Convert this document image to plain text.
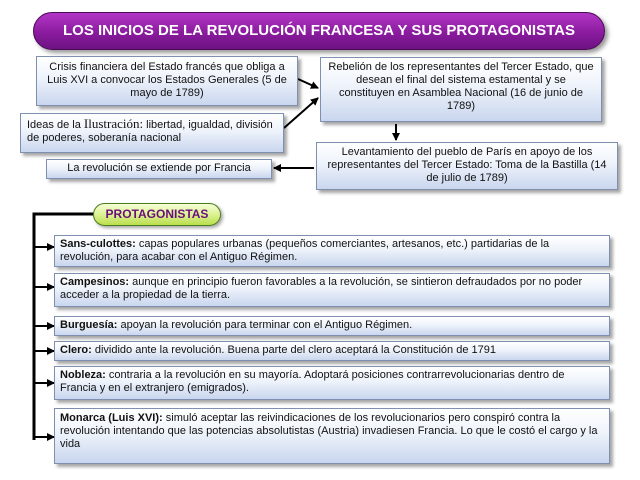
LOS INICIOS DE LA REVOLUCIÓN FRANCESA Y SUS PROTAGONISTAS
Crisis financiera del Estado francés que obliga a Luis XVI a convocar los Estados Generales (5 de mayo de 1789)
Ideas de la Ilustración: libertad, igualdad, división de poderes, soberanía nacional
Rebelión de los representantes del Tercer Estado, que desean el final del sistema estamental y se constituyen en Asamblea Nacional (16 de junio de 1789)
Levantamiento del pueblo de París en apoyo de los representantes del Tercer Estado: Toma de la Bastilla (14 de julio de 1789)
La revolución se extiende por Francia
PROTAGONISTAS
Sans-culottes: capas populares urbanas (pequeños comerciantes, artesanos, etc.) partidarias de la revolución, para acabar con el Antiguo Régimen.
Campesinos: aunque en principio fueron favorables a la revolución, se sintieron defraudados por no poder acceder a la propiedad de la tierra.
Burguesía: apoyan la revolución para terminar con el Antiguo Régimen.
Clero: dividido ante la revolución. Buena parte del clero aceptará la Constitución de 1791
Nobleza: contraria a la revolución en su mayoría. Adoptará posiciones contrarrevolucionarias dentro de Francia y en el extranjero (emigrados).
Monarca (Luis XVI): simuló aceptar las reivindicaciones de los revolucionarios pero conspiró contra la revolución intentando que las potencias absolutistas (Austria) invadiesen Francia. Lo que le costó el cargo y la vida
